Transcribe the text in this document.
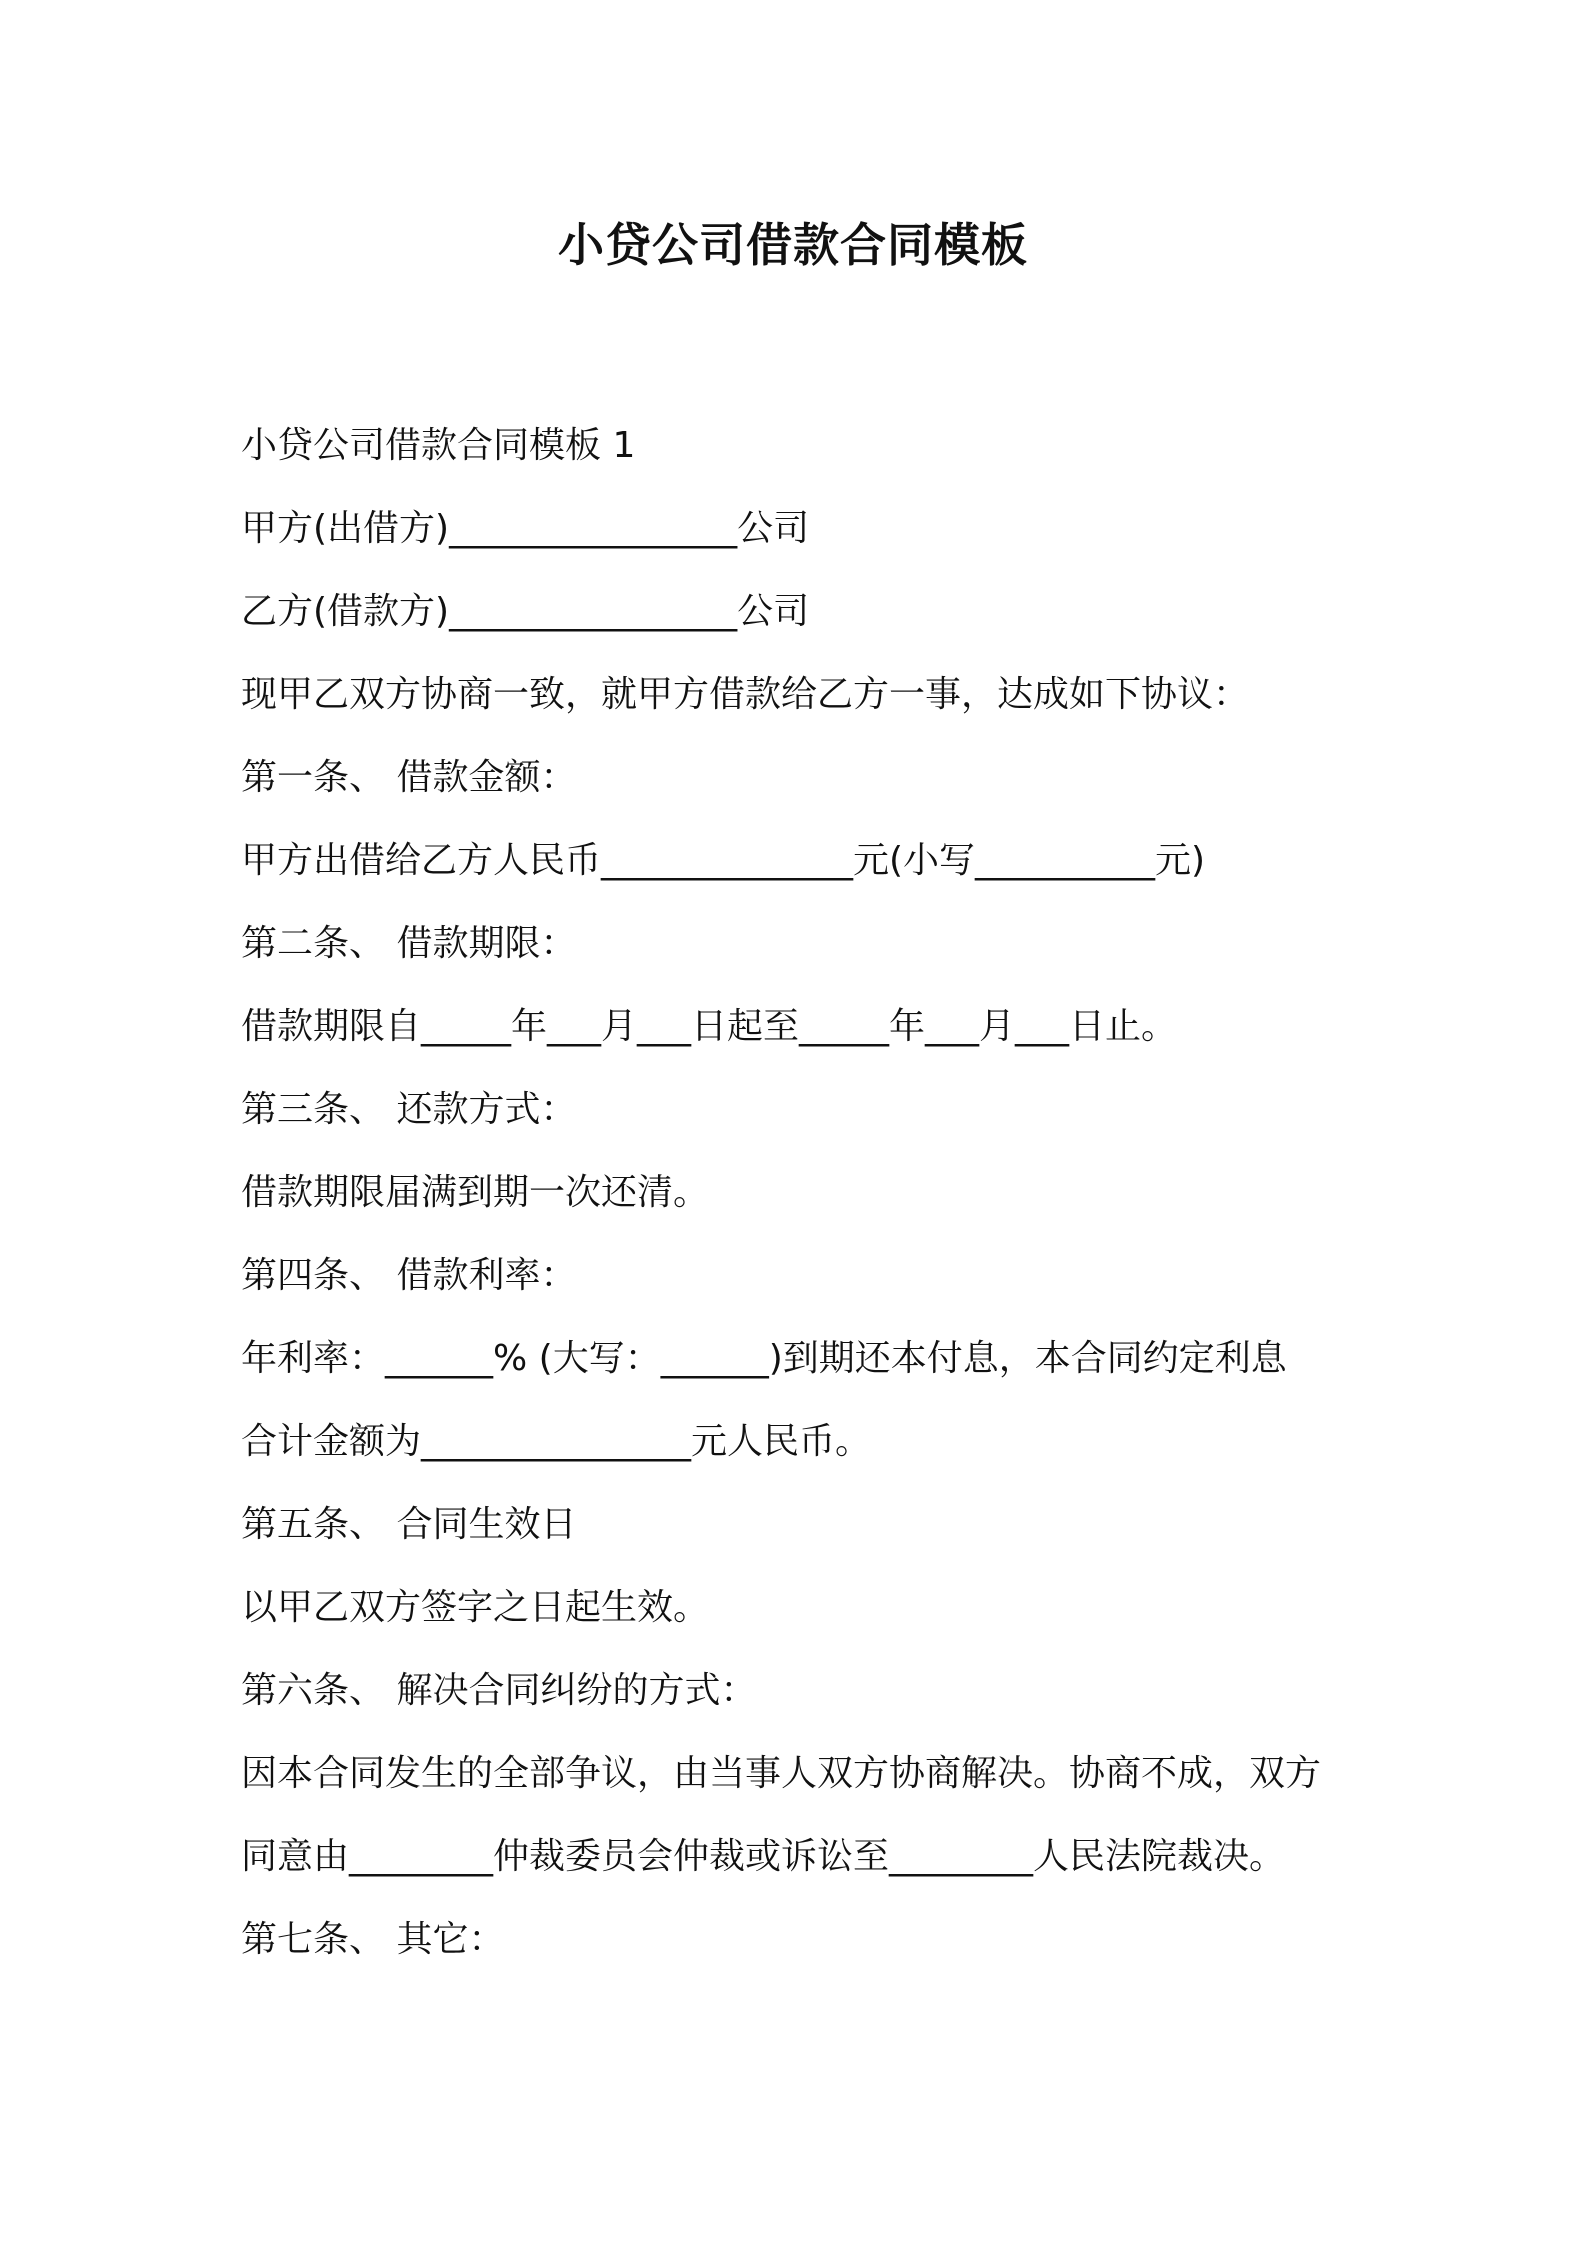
小贷公司借款合同模板
小贷公司借款合同模板 1
甲方(出借方)________________公司
乙方(借款方)________________公司
现甲乙双方协商一致，就甲方借款给乙方一事，达成如下协议：
第一条、 借款金额：
甲方出借给乙方人民币______________元(小写__________元)
第二条、 借款期限：
借款期限自_____年___月___日起至_____年___月___日止。
第三条、 还款方式：
借款期限届满到期一次还清。
第四条、 借款利率：
年利率：______% (大写：______)到期还本付息，本合同约定利息
合计金额为_______________元人民币。
第五条、 合同生效日
以甲乙双方签字之日起生效。
第六条、 解决合同纠纷的方式：
因本合同发生的全部争议，由当事人双方协商解决。协商不成，双方
同意由________仲裁委员会仲裁或诉讼至________人民法院裁决。
第七条、 其它：
